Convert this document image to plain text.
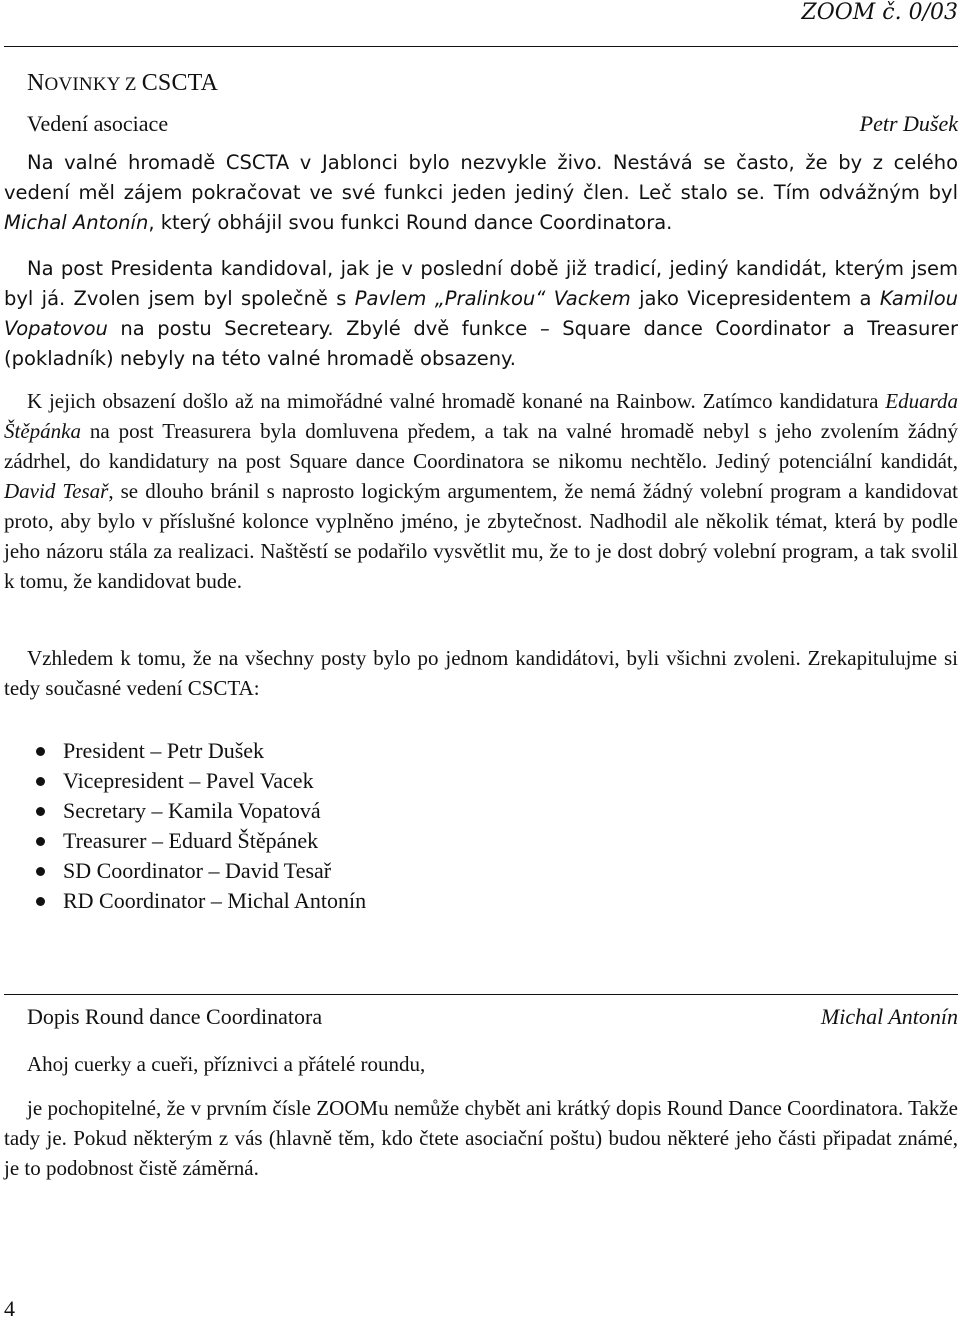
ZOOM č. 0/03
NOVINKY Z CSCTA
Vedení asociace	Petr Dušek
Na valné hromadě CSCTA v Jablonci bylo nezvykle živo. Nestává se často, že by z celého vedení měl zájem pokračovat ve své funkci jeden jediný člen. Leč stalo se. Tím odvážným byl Michal Antonín, který obhájil svou funkci Round dance Coordinatora.
Na post Presidenta kandidoval, jak je v poslední době již tradicí, jediný kandidát, kterým jsem byl já. Zvolen jsem byl společně s Pavlem „Pralinkou“ Vackem jako Vicepresidentem a Kamilou Vopatovou na postu Secreteary. Zbylé dvě funkce – Square dance Coordinator a Treasurer (pokladník) nebyly na této valné hromadě obsazeny.
K jejich obsazení došlo až na mimořádné valné hromadě konané na Rainbow. Zatímco kandidatura Eduarda Štěpánka na post Treasurera byla domluvena předem, a tak na valné hromadě nebyl s jeho zvolením žádný zádrhel, do kandidatury na post Square dance Coordinatora se nikomu nechtělo. Jediný potenciální kandidát, David Tesař, se dlouho bránil s naprosto logickým argumentem, že nemá žádný volební program a kandidovat proto, aby bylo v příslušné kolonce vyplněno jméno, je zbytečnost. Nadhodil ale několik témat, která by podle jeho názoru stála za realizaci. Naštěstí se podařilo vysvětlit mu, že to je dost dobrý volební program, a tak svolil k tomu, že kandidovat bude.
Vzhledem k tomu, že na všechny posty bylo po jednom kandidátovi, byli všichni zvoleni. Zrekapitulujme si tedy současné vedení CSCTA:
President – Petr Dušek
Vicepresident – Pavel Vacek
Secretary – Kamila Vopatová
Treasurer – Eduard Štěpánek
SD Coordinator – David Tesař
RD Coordinator – Michal Antonín
Dopis Round dance Coordinatora	Michal Antonín
Ahoj cuerky a cueři, příznivci a přátelé roundu,
je pochopitelné, že v prvním čísle ZOOMu nemůže chybět ani krátký dopis Round Dance Coordinatora. Takže tady je. Pokud některým z vás (hlavně těm, kdo čtete asociační poštu) budou některé jeho části připadat známé, je to podobnost čistě záměrná.
4
